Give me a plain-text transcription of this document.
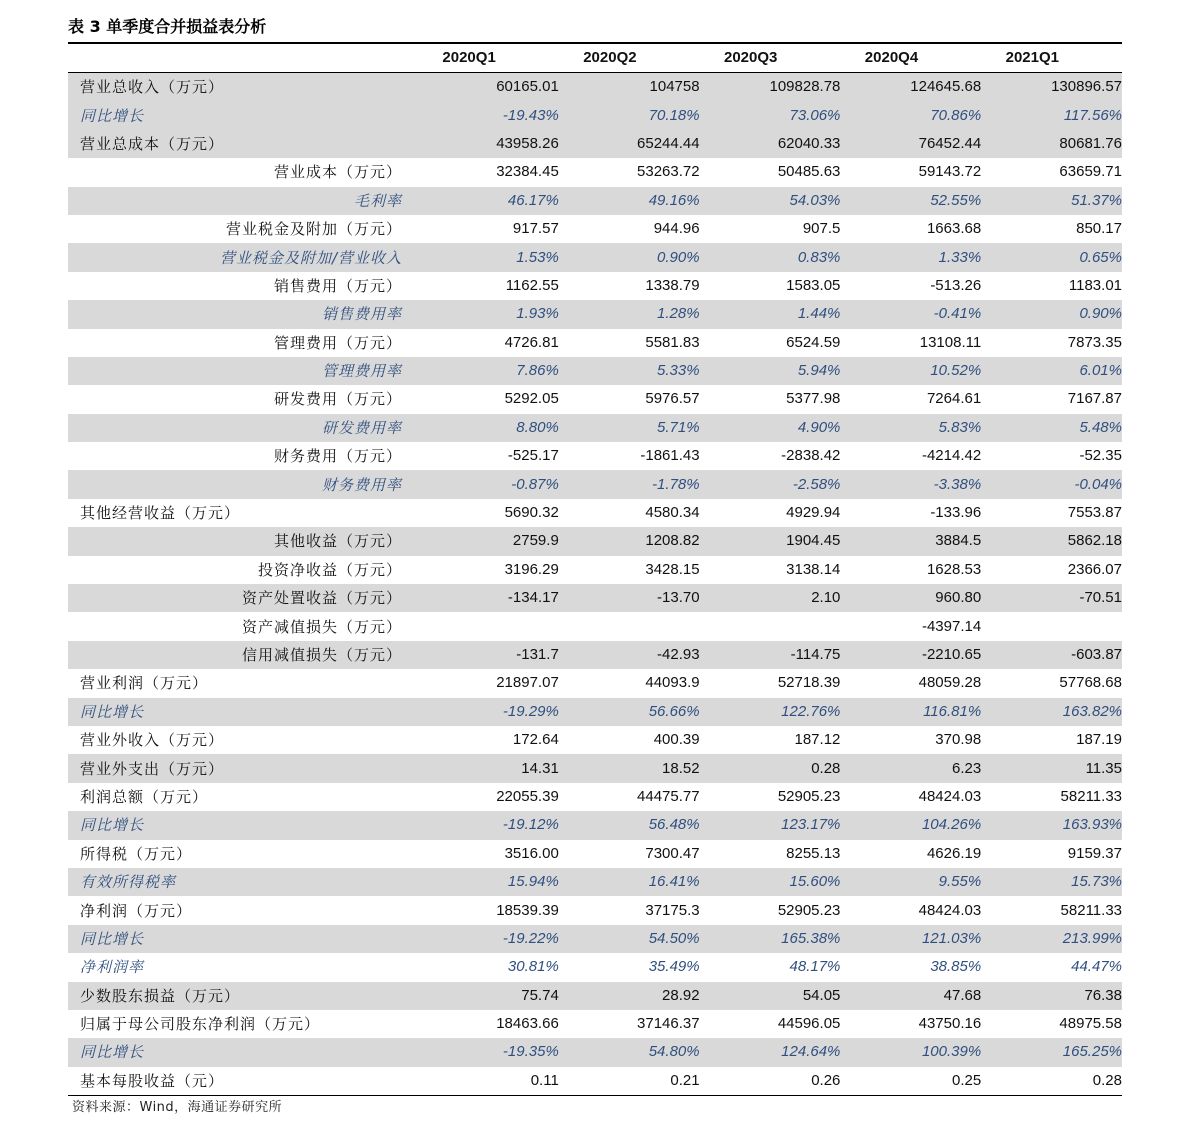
表 3 单季度合并损益表分析
	2020Q1	2020Q2	2020Q3	2020Q4	2021Q1
营业总收入（万元）	60165.01	104758	109828.78	124645.68	130896.57
同比增长	-19.43%	70.18%	73.06%	70.86%	117.56%
营业总成本（万元）	43958.26	65244.44	62040.33	76452.44	80681.76
营业成本（万元）	32384.45	53263.72	50485.63	59143.72	63659.71
毛利率	46.17%	49.16%	54.03%	52.55%	51.37%
营业税金及附加（万元）	917.57	944.96	907.5	1663.68	850.17
营业税金及附加/营业收入	1.53%	0.90%	0.83%	1.33%	0.65%
销售费用（万元）	1162.55	1338.79	1583.05	-513.26	1183.01
销售费用率	1.93%	1.28%	1.44%	-0.41%	0.90%
管理费用（万元）	4726.81	5581.83	6524.59	13108.11	7873.35
管理费用率	7.86%	5.33%	5.94%	10.52%	6.01%
研发费用（万元）	5292.05	5976.57	5377.98	7264.61	7167.87
研发费用率	8.80%	5.71%	4.90%	5.83%	5.48%
财务费用（万元）	-525.17	-1861.43	-2838.42	-4214.42	-52.35
财务费用率	-0.87%	-1.78%	-2.58%	-3.38%	-0.04%
其他经营收益（万元）	5690.32	4580.34	4929.94	-133.96	7553.87
其他收益（万元）	2759.9	1208.82	1904.45	3884.5	5862.18
投资净收益（万元）	3196.29	3428.15	3138.14	1628.53	2366.07
资产处置收益（万元）	-134.17	-13.70	2.10	960.80	-70.51
资产减值损失（万元）				-4397.14	
信用减值损失（万元）	-131.7	-42.93	-114.75	-2210.65	-603.87
营业利润（万元）	21897.07	44093.9	52718.39	48059.28	57768.68
同比增长	-19.29%	56.66%	122.76%	116.81%	163.82%
营业外收入（万元）	172.64	400.39	187.12	370.98	187.19
营业外支出（万元）	14.31	18.52	0.28	6.23	11.35
利润总额（万元）	22055.39	44475.77	52905.23	48424.03	58211.33
同比增长	-19.12%	56.48%	123.17%	104.26%	163.93%
所得税（万元）	3516.00	7300.47	8255.13	4626.19	9159.37
有效所得税率	15.94%	16.41%	15.60%	9.55%	15.73%
净利润（万元）	18539.39	37175.3	52905.23	48424.03	58211.33
同比增长	-19.22%	54.50%	165.38%	121.03%	213.99%
净利润率	30.81%	35.49%	48.17%	38.85%	44.47%
少数股东损益（万元）	75.74	28.92	54.05	47.68	76.38
归属于母公司股东净利润（万元）	18463.66	37146.37	44596.05	43750.16	48975.58
同比增长	-19.35%	54.80%	124.64%	100.39%	165.25%
基本每股收益（元）	0.11	0.21	0.26	0.25	0.28
资料来源：Wind，海通证券研究所
